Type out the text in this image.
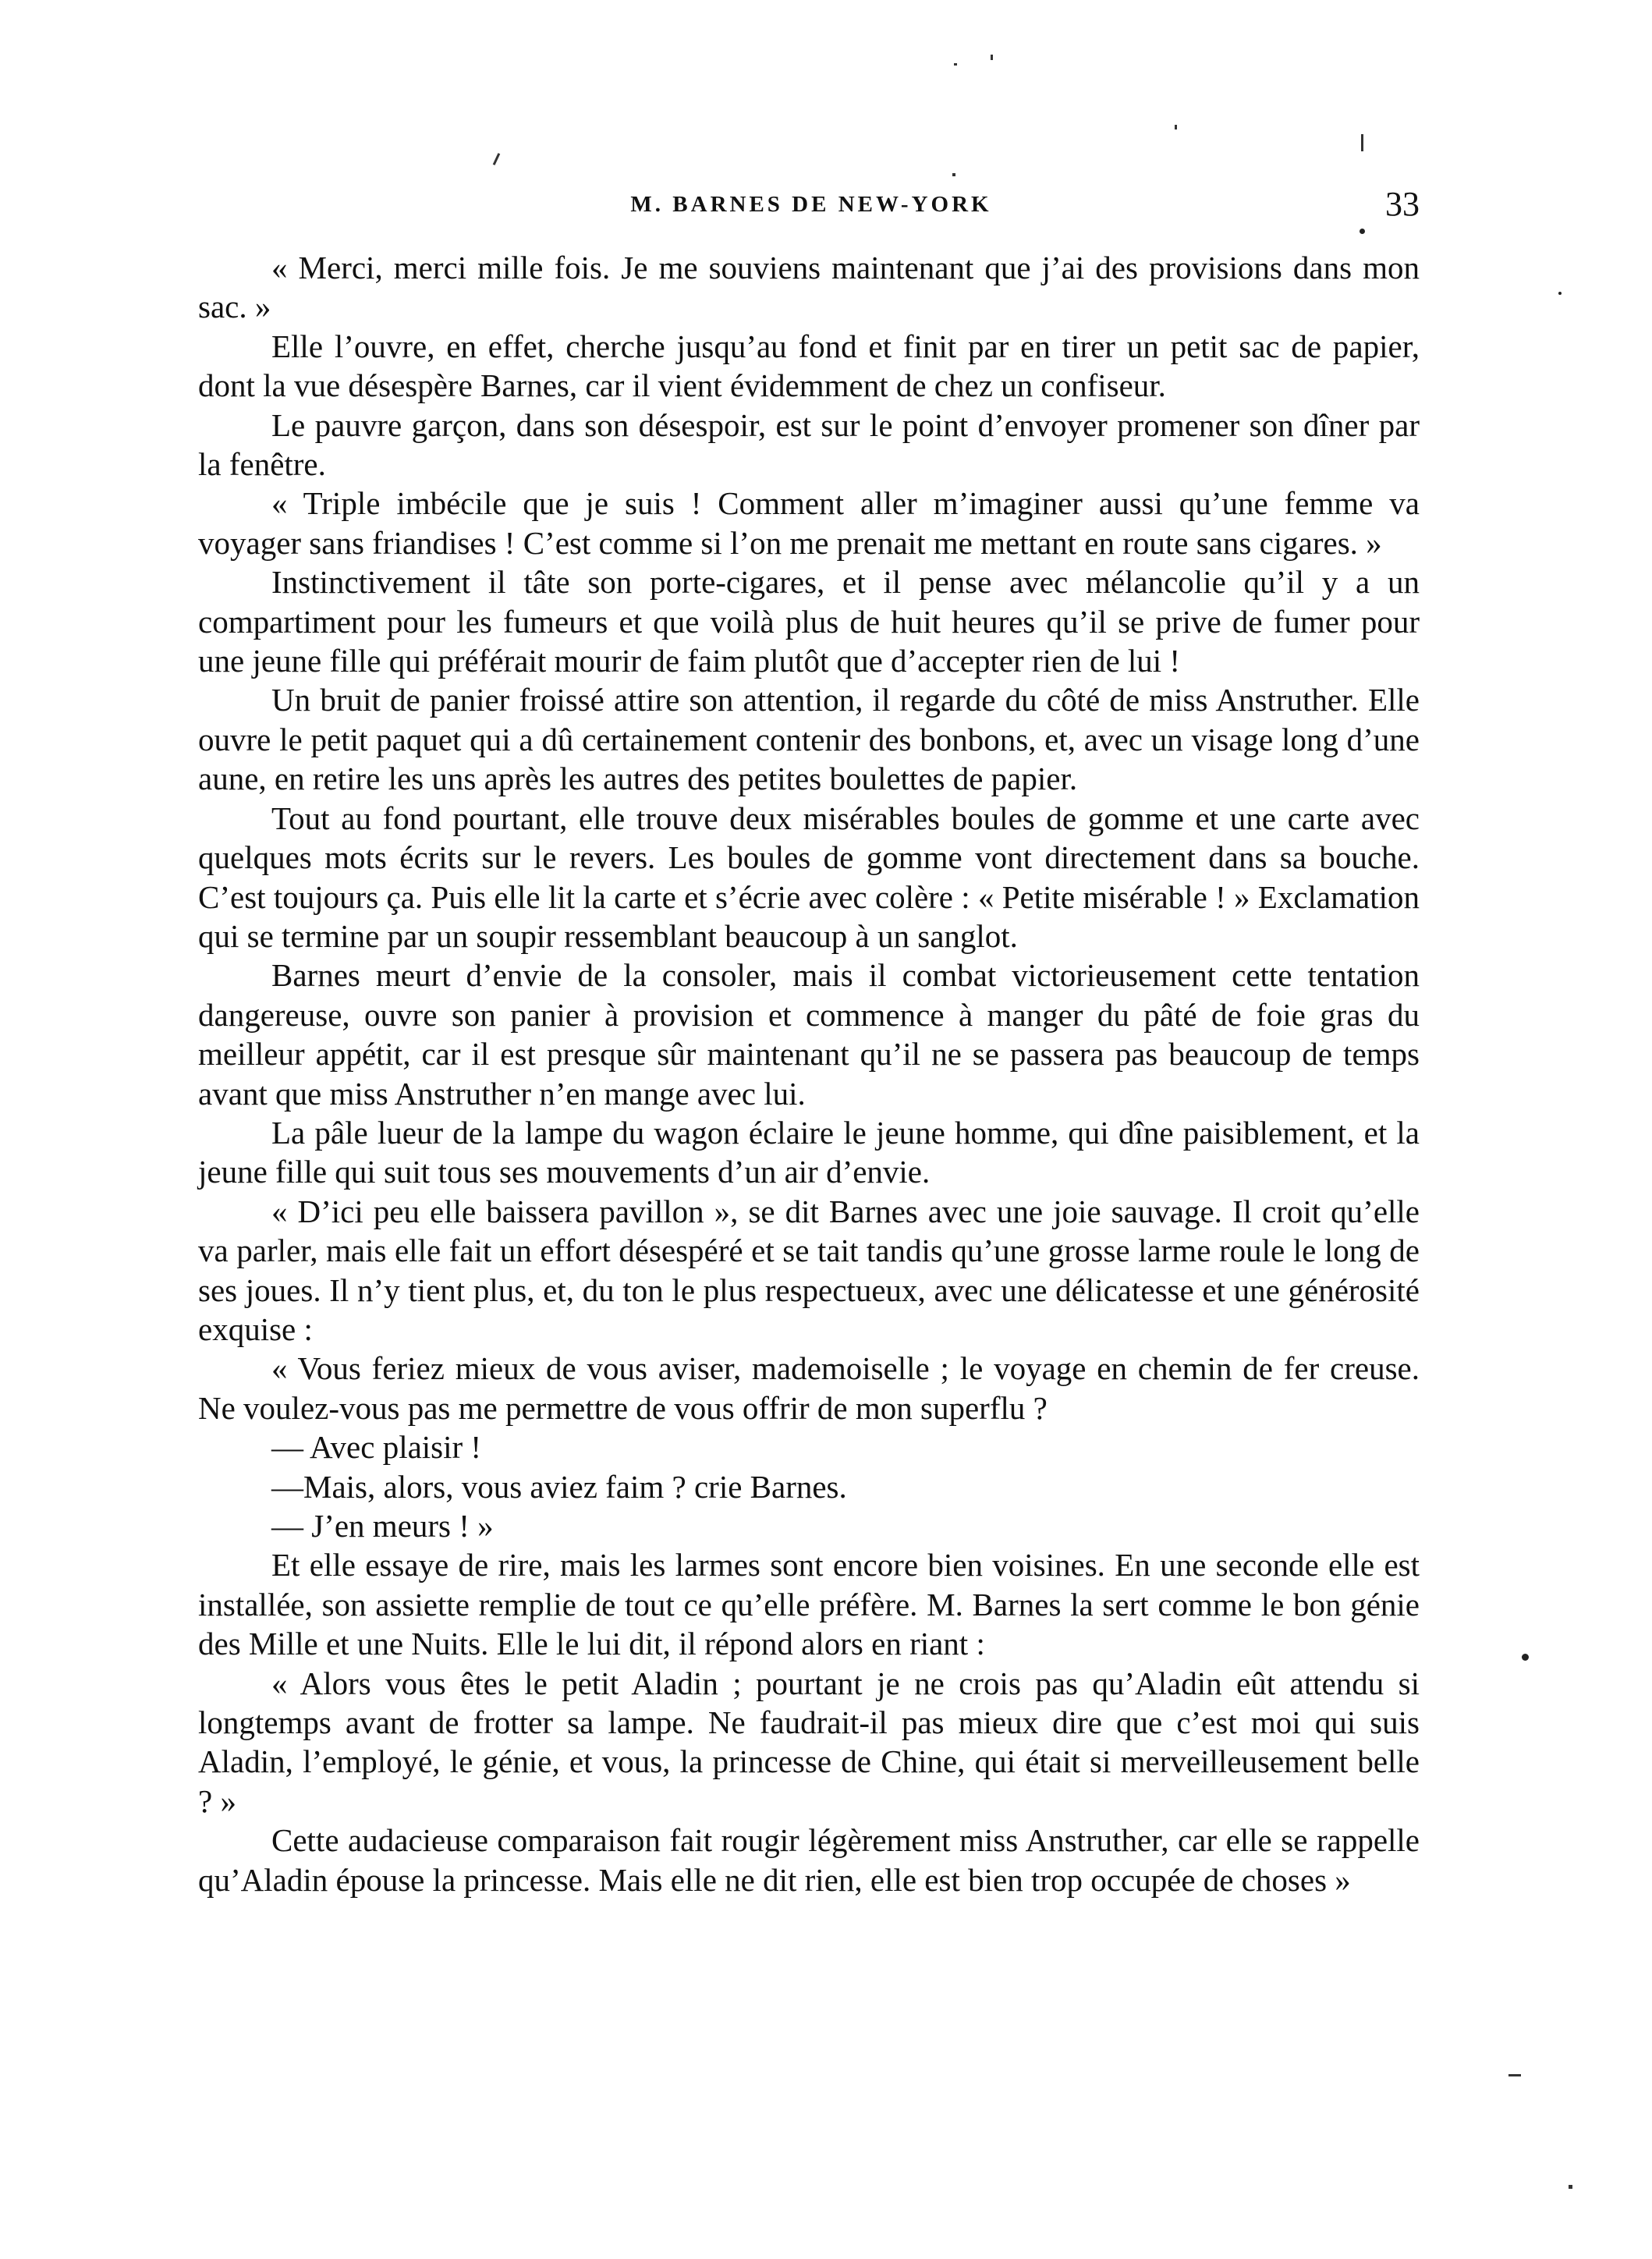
M. BARNES DE NEW-YORK	33

« Merci, merci mille fois. Je me souviens maintenant que j’ai des provisions dans mon sac. »

Elle l’ouvre, en effet, cherche jusqu’au fond et finit par en tirer un petit sac de papier, dont la vue désespère Barnes, car il vient évidemment de chez un confiseur.

Le pauvre garçon, dans son désespoir, est sur le point d’envoyer promener son dîner par la fenêtre.

« Triple imbécile que je suis ! Comment aller m’imaginer aussi qu’une femme va voyager sans friandises ! C’est comme si l’on me prenait me mettant en route sans cigares. »

Instinctivement il tâte son porte-cigares, et il pense avec mélancolie qu’il y a un compartiment pour les fumeurs et que voilà plus de huit heures qu’il se prive de fumer pour une jeune fille qui préférait mourir de faim plutôt que d’accepter rien de lui !

Un bruit de panier froissé attire son attention, il regarde du côté de miss Anstruther. Elle ouvre le petit paquet qui a dû certainement contenir des bonbons, et, avec un visage long d’une aune, en retire les uns après les autres des petites boulettes de papier.

Tout au fond pourtant, elle trouve deux misérables boules de gomme et une carte avec quelques mots écrits sur le revers. Les boules de gomme vont directement dans sa bouche. C’est toujours ça. Puis elle lit la carte et s’écrie avec colère : « Petite misérable ! » Exclamation qui se termine par un soupir ressemblant beaucoup à un sanglot.

Barnes meurt d’envie de la consoler, mais il combat victorieusement cette tentation dangereuse, ouvre son panier à provision et commence à manger du pâté de foie gras du meilleur appétit, car il est presque sûr maintenant qu’il ne se passera pas beaucoup de temps avant que miss Anstruther n’en mange avec lui.

La pâle lueur de la lampe du wagon éclaire le jeune homme, qui dîne paisiblement, et la jeune fille qui suit tous ses mouvements d’un air d’envie.

« D’ici peu elle baissera pavillon », se dit Barnes avec une joie sauvage. Il croit qu’elle va parler, mais elle fait un effort désespéré et se tait tandis qu’une grosse larme roule le long de ses joues. Il n’y tient plus, et, du ton le plus respectueux, avec une délicatesse et une générosité exquise :

« Vous feriez mieux de vous aviser, mademoiselle ; le voyage en chemin de fer creuse. Ne voulez-vous pas me permettre de vous offrir de mon superflu ?

— Avec plaisir !

—Mais, alors, vous aviez faim ? crie Barnes.

— J’en meurs ! »

Et elle essaye de rire, mais les larmes sont encore bien voisines. En une seconde elle est installée, son assiette remplie de tout ce qu’elle préfère. M. Barnes la sert comme le bon génie des Mille et une Nuits. Elle le lui dit, il répond alors en riant :

« Alors vous êtes le petit Aladin ; pourtant je ne crois pas qu’Aladin eût attendu si longtemps avant de frotter sa lampe. Ne faudrait-il pas mieux dire que c’est moi qui suis Aladin, l’employé, le génie, et vous, la princesse de Chine, qui était si merveilleusement belle ? »

Cette audacieuse comparaison fait rougir légèrement miss Anstruther, car elle se rappelle qu’Aladin épouse la princesse. Mais elle ne dit rien, elle est bien trop occupée de choses »
